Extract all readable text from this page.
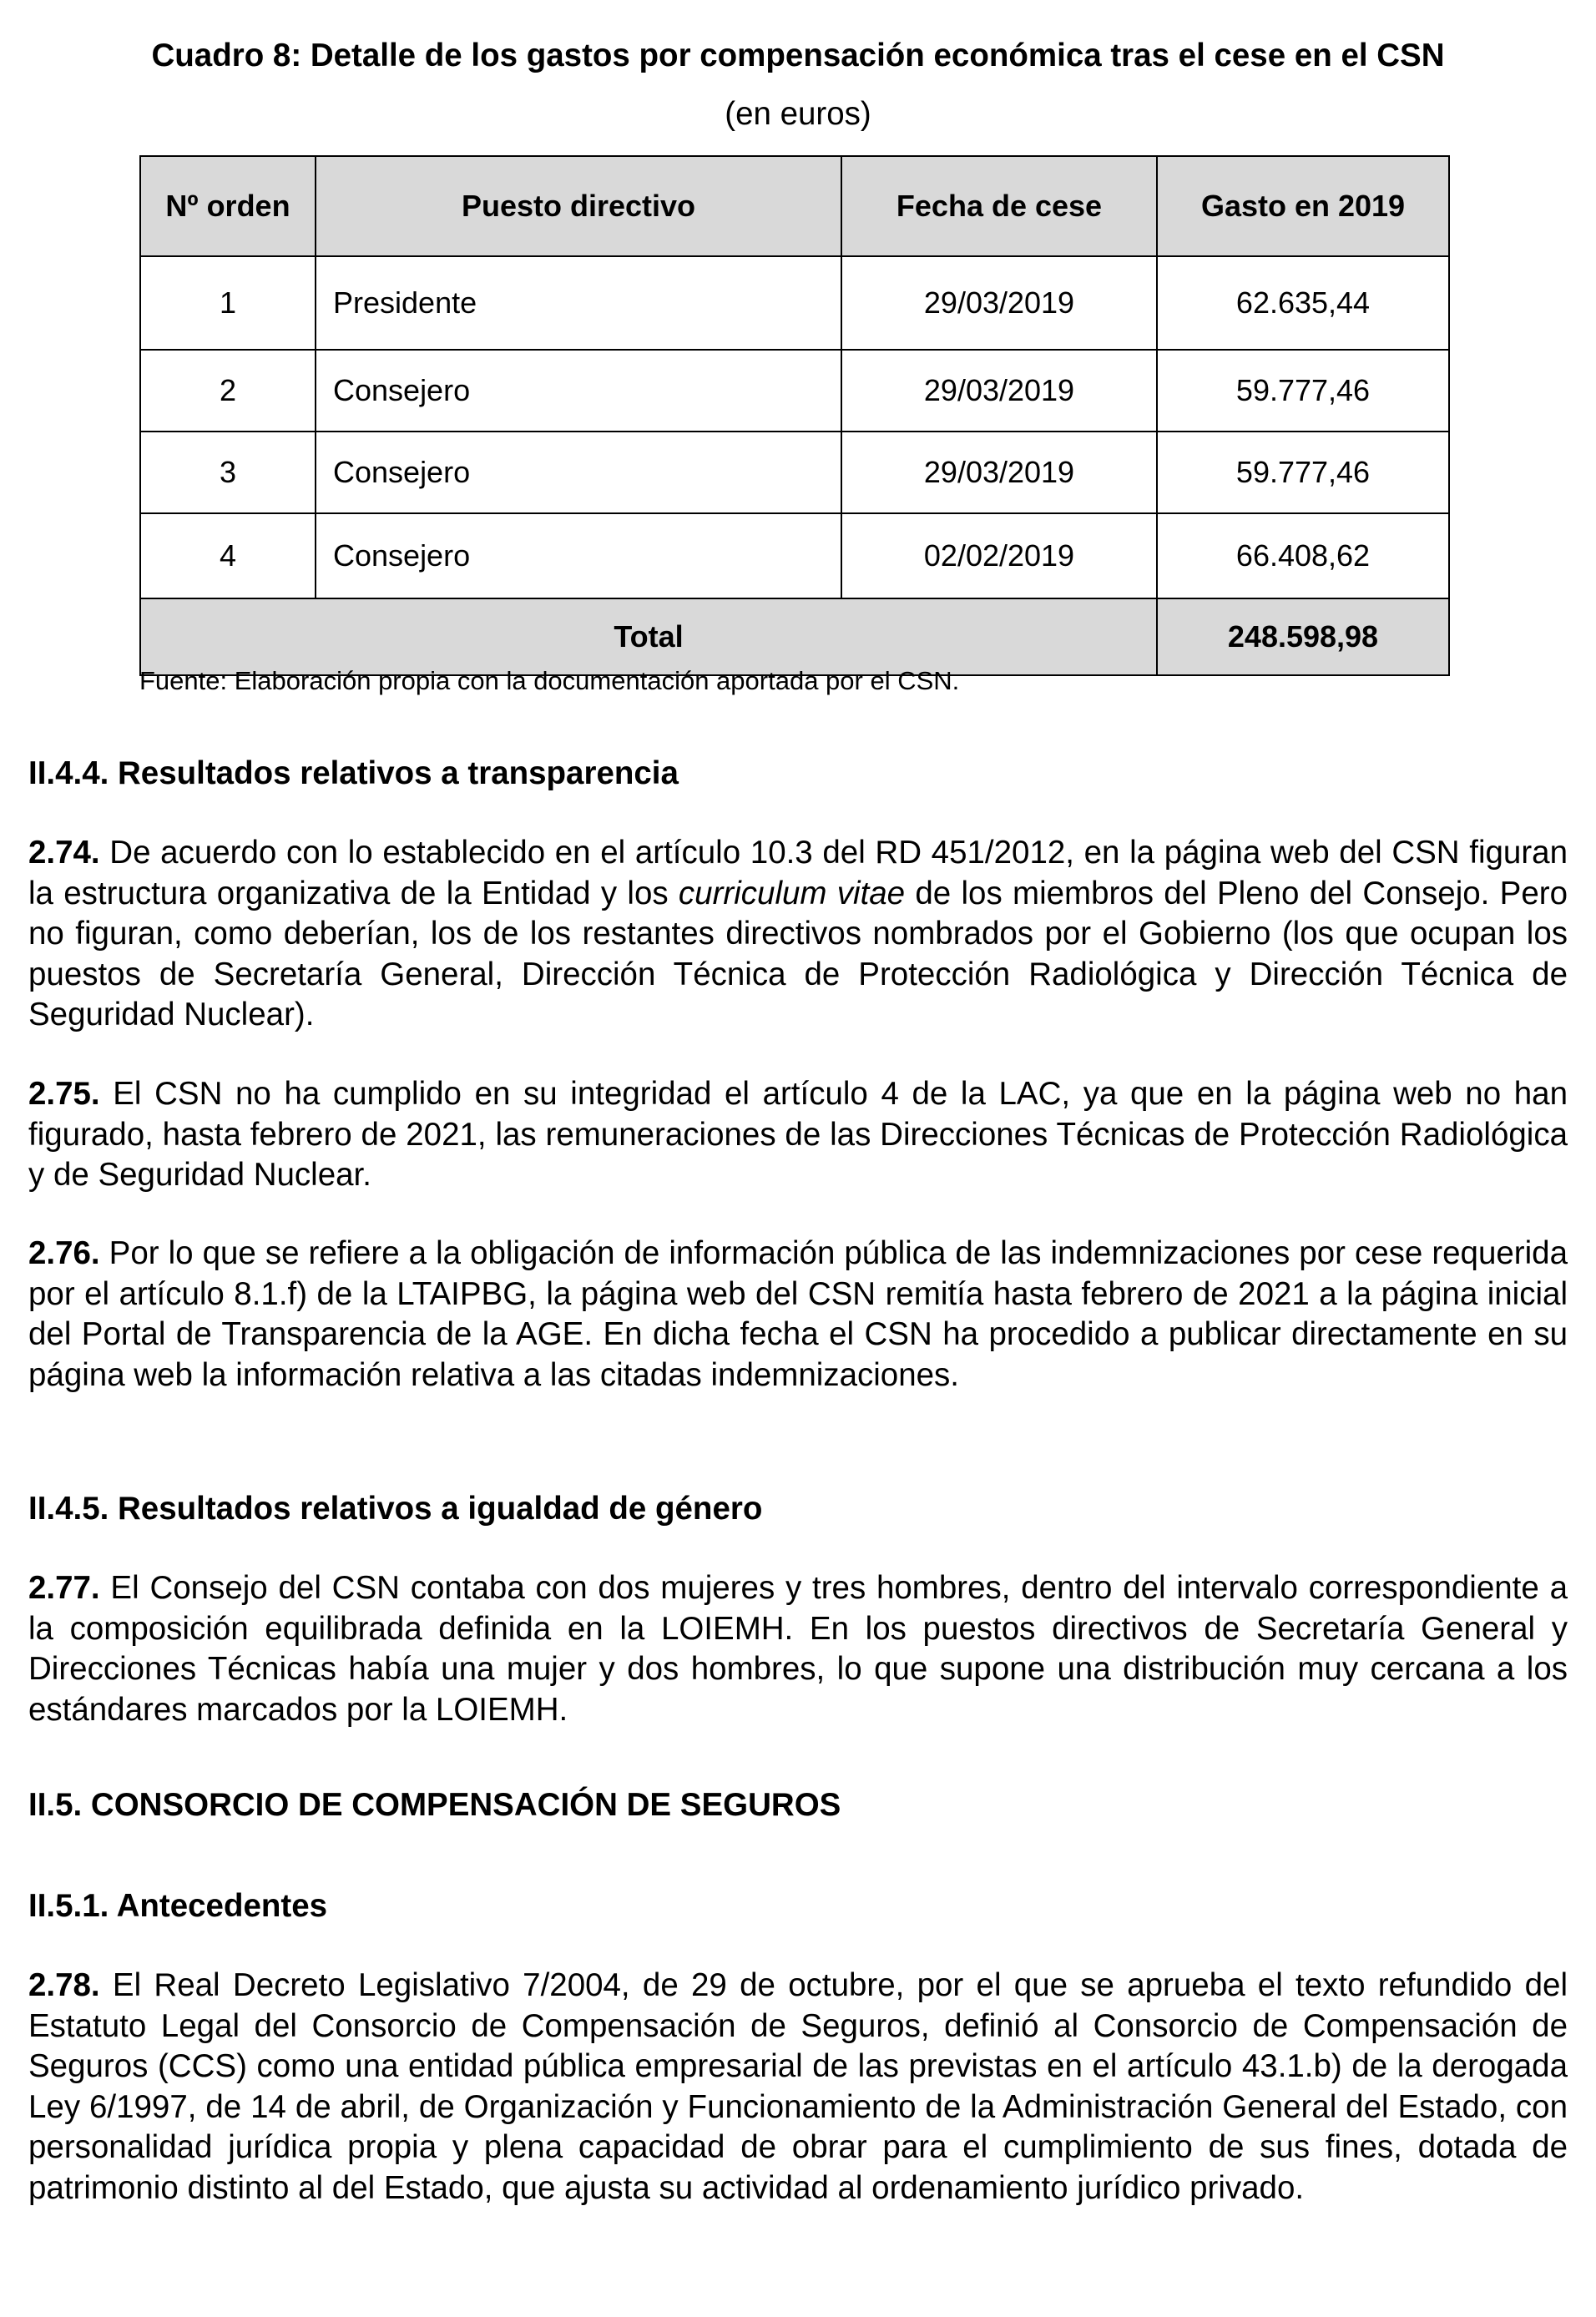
Cuadro 8: Detalle de los gastos por compensación económica tras el cese en el CSN

(en euros)

Nº orden	Puesto directivo	Fecha de cese	Gasto en 2019
1	Presidente	29/03/2019	62.635,44
2	Consejero	29/03/2019	59.777,46
3	Consejero	29/03/2019	59.777,46
4	Consejero	02/02/2019	66.408,62
Total			248.598,98

Fuente: Elaboración propia con la documentación aportada por el CSN.

II.4.4. Resultados relativos a transparencia

2.74. De acuerdo con lo establecido en el artículo 10.3 del RD 451/2012, en la página web del CSN figuran la estructura organizativa de la Entidad y los curriculum vitae de los miembros del Pleno del Consejo. Pero no figuran, como deberían, los de los restantes directivos nombrados por el Gobierno (los que ocupan los puestos de Secretaría General, Dirección Técnica de Protección Radiológica y Dirección Técnica de Seguridad Nuclear).

2.75. El CSN no ha cumplido en su integridad el artículo 4 de la LAC, ya que en la página web no han figurado, hasta febrero de 2021, las remuneraciones de las Direcciones Técnicas de Protección Radiológica y de Seguridad Nuclear.

2.76. Por lo que se refiere a la obligación de información pública de las indemnizaciones por cese requerida por el artículo 8.1.f) de la LTAIPBG, la página web del CSN remitía hasta febrero de 2021 a la página inicial del Portal de Transparencia de la AGE. En dicha fecha el CSN ha procedido a publicar directamente en su página web la información relativa a las citadas indemnizaciones.

II.4.5. Resultados relativos a igualdad de género

2.77. El Consejo del CSN contaba con dos mujeres y tres hombres, dentro del intervalo correspondiente a la composición equilibrada definida en la LOIEMH. En los puestos directivos de Secretaría General y Direcciones Técnicas había una mujer y dos hombres, lo que supone una distribución muy cercana a los estándares marcados por la LOIEMH.

II.5. CONSORCIO DE COMPENSACIÓN DE SEGUROS
II.5.1. Antecedentes

2.78. El Real Decreto Legislativo 7/2004, de 29 de octubre, por el que se aprueba el texto refundido del Estatuto Legal del Consorcio de Compensación de Seguros, definió al Consorcio de Compensación de Seguros (CCS) como una entidad pública empresarial de las previstas en el artículo 43.1.b) de la derogada Ley 6/1997, de 14 de abril, de Organización y Funcionamiento de la Administración General del Estado, con personalidad jurídica propia y plena capacidad de obrar para el cumplimiento de sus fines, dotada de patrimonio distinto al del Estado, que ajusta su actividad al ordenamiento jurídico privado.
